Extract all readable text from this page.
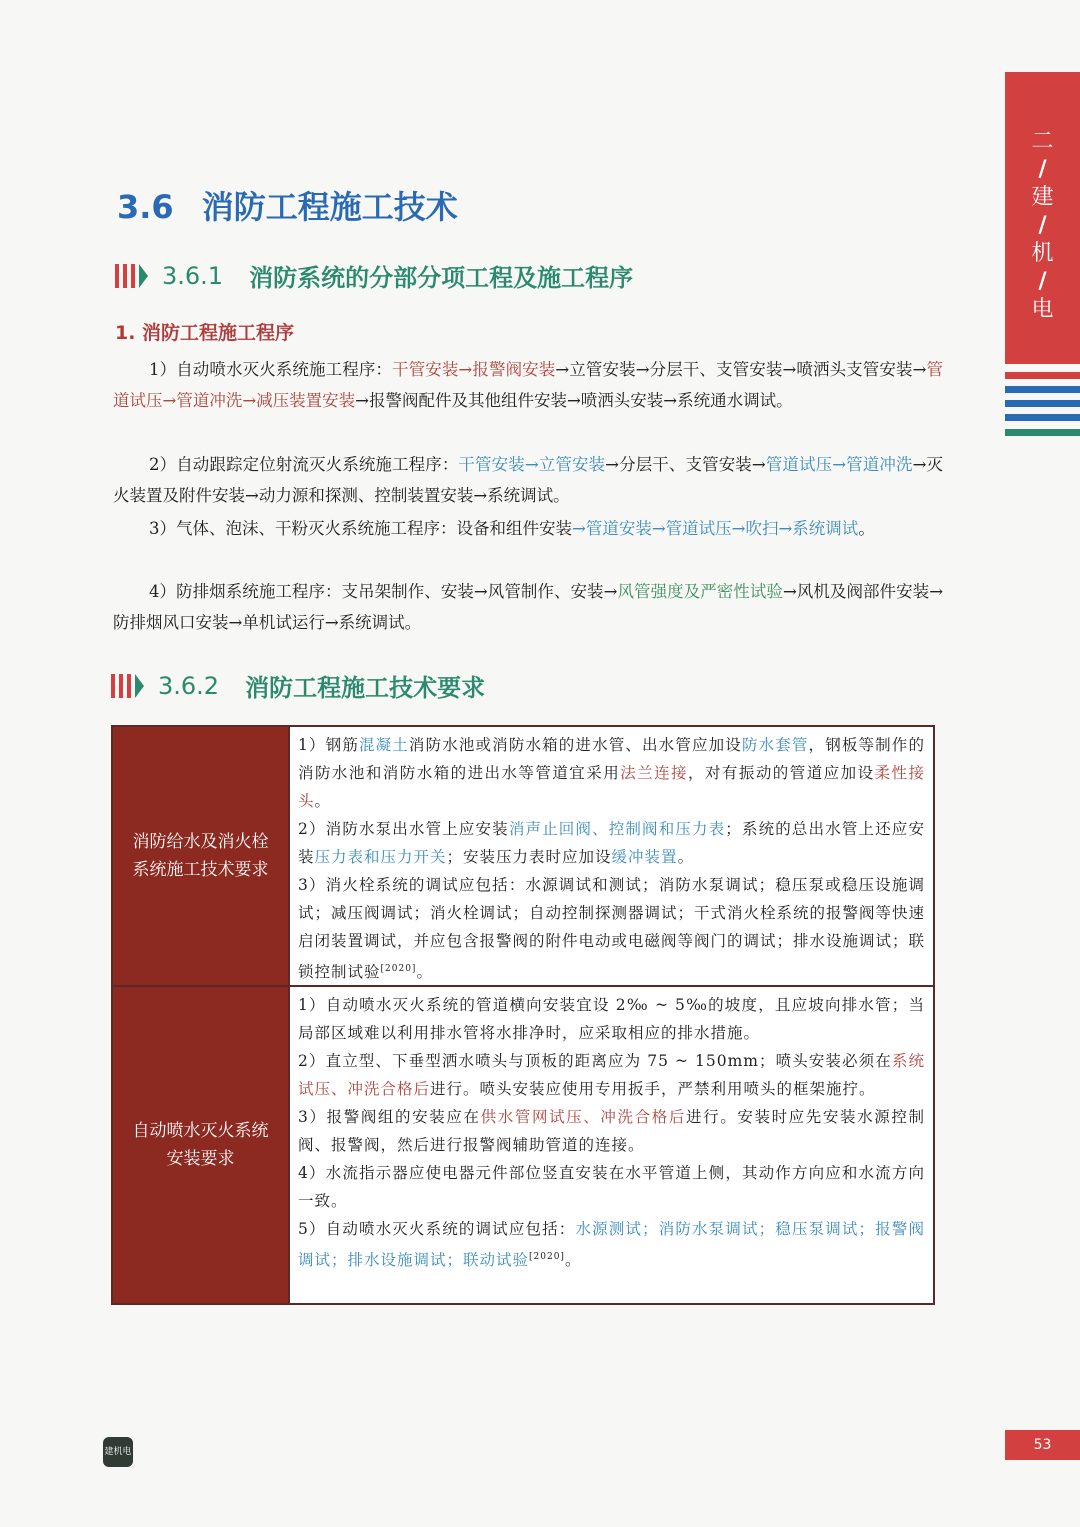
二
/
建
/
机
/
电
3.6 消防工程施工技术
3.6.1 消防系统的分部分项工程及施工程序
1. 消防工程施工程序
1）自动喷水灭火系统施工程序：干管安装→报警阀安装→立管安装→分层干、支管安装→喷洒头支管安装→管道试压→管道冲洗→减压装置安装→报警阀配件及其他组件安装→喷洒头安装→系统通水调试。
2）自动跟踪定位射流灭火系统施工程序：干管安装→立管安装→分层干、支管安装→管道试压→管道冲洗→灭火装置及附件安装→动力源和探测、控制装置安装→系统调试。
3）气体、泡沫、干粉灭火系统施工程序：设备和组件安装→管道安装→管道试压→吹扫→系统调试。
4）防排烟系统施工程序：支吊架制作、安装→风管制作、安装→风管强度及严密性试验→风机及阀部件安装→防排烟风口安装→单机试运行→系统调试。
3.6.2 消防工程施工技术要求
消防给水及消火栓
系统施工技术要求
1）钢筋混凝土消防水池或消防水箱的进水管、出水管应加设防水套管，钢板等制作的消防水池和消防水箱的进出水等管道宜采用法兰连接，对有振动的管道应加设柔性接头。
2）消防水泵出水管上应安装消声止回阀、控制阀和压力表；系统的总出水管上还应安装压力表和压力开关；安装压力表时应加设缓冲装置。
3）消火栓系统的调试应包括：水源调试和测试；消防水泵调试；稳压泵或稳压设施调试；减压阀调试；消火栓调试；自动控制探测器调试；干式消火栓系统的报警阀等快速启闭装置调试，并应包含报警阀的附件电动或电磁阀等阀门的调试；排水设施调试；联锁控制试验[2020]。
自动喷水灭火系统
安装要求
1）自动喷水灭火系统的管道横向安装宜设 2‰ ~ 5‰的坡度，且应坡向排水管；当局部区域难以利用排水管将水排净时，应采取相应的排水措施。
2）直立型、下垂型洒水喷头与顶板的距离应为 75 ~ 150mm；喷头安装必须在系统试压、冲洗合格后进行。喷头安装应使用专用扳手，严禁利用喷头的框架施拧。
3）报警阀组的安装应在供水管网试压、冲洗合格后进行。安装时应先安装水源控制阀、报警阀，然后进行报警阀辅助管道的连接。
4）水流指示器应使电器元件部位竖直安装在水平管道上侧，其动作方向应和水流方向一致。
5）自动喷水灭火系统的调试应包括：水源测试；消防水泵调试；稳压泵调试；报警阀调试；排水设施调试；联动试验[2020]。
建机电	53
